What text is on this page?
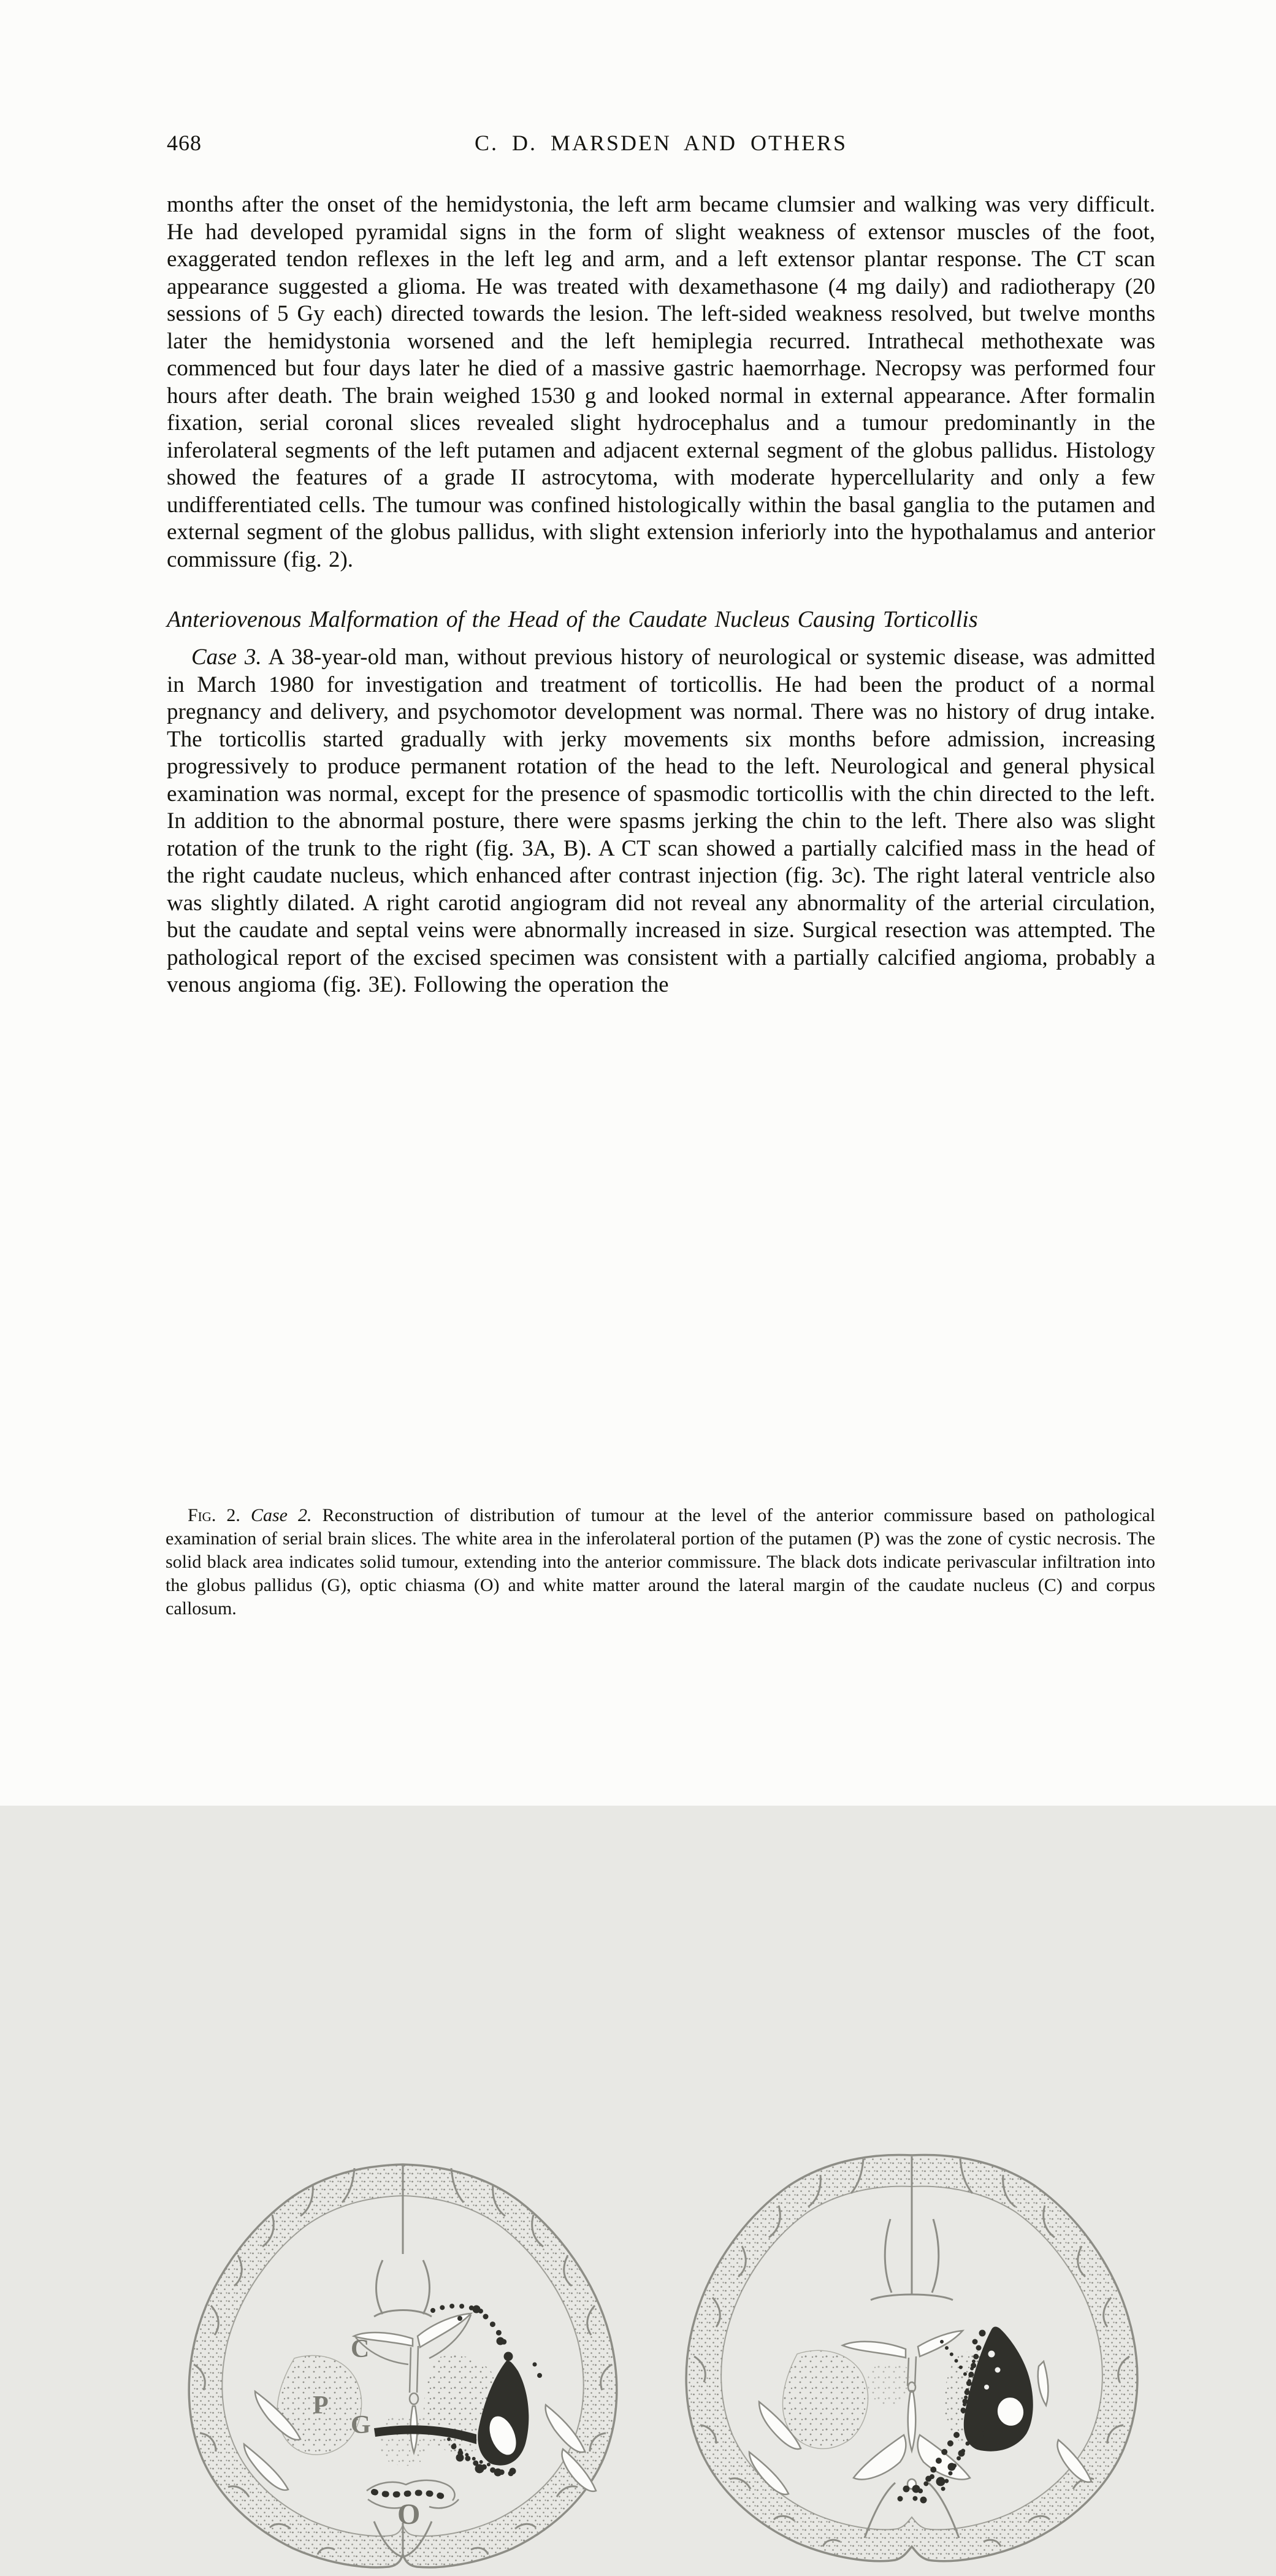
468	C. D. MARSDEN AND OTHERS

months after the onset of the hemidystonia, the left arm became clumsier and walking was very difficult. He had developed pyramidal signs in the form of slight weakness of extensor muscles of the foot, exaggerated tendon reflexes in the left leg and arm, and a left extensor plantar response. The CT scan appearance suggested a glioma. He was treated with dexamethasone (4 mg daily) and radiotherapy (20 sessions of 5 Gy each) directed towards the lesion. The left-sided weakness resolved, but twelve months later the hemidystonia worsened and the left hemiplegia recurred. Intrathecal methothexate was commenced but four days later he died of a massive gastric haemorrhage. Necropsy was performed four hours after death. The brain weighed 1530 g and looked normal in external appearance. After formalin fixation, serial coronal slices revealed slight hydrocephalus and a tumour predominantly in the inferolateral segments of the left putamen and adjacent external segment of the globus pallidus. Histology showed the features of a grade II astrocytoma, with moderate hypercellularity and only a few undifferentiated cells. The tumour was confined histologically within the basal ganglia to the putamen and external segment of the globus pallidus, with slight extension inferiorly into the hypothalamus and anterior commissure (fig. 2).

Anteriovenous Malformation of the Head of the Caudate Nucleus Causing Torticollis

Case 3. A 38-year-old man, without previous history of neurological or systemic disease, was admitted in March 1980 for investigation and treatment of torticollis. He had been the product of a normal pregnancy and delivery, and psychomotor development was normal. There was no history of drug intake. The torticollis started gradually with jerky movements six months before admission, increasing progressively to produce permanent rotation of the head to the left. Neurological and general physical examination was normal, except for the presence of spasmodic torticollis with the chin directed to the left. In addition to the abnormal posture, there were spasms jerking the chin to the left. There also was slight rotation of the trunk to the right (fig. 3A, B). A CT scan showed a partially calcified mass in the head of the right caudate nucleus, which enhanced after contrast injection (fig. 3c). The right lateral ventricle also was slightly dilated. A right carotid angiogram did not reveal any abnormality of the arterial circulation, but the caudate and septal veins were abnormally increased in size. Surgical resection was attempted. The pathological report of the excised specimen was consistent with a partially calcified angioma, probably a venous angioma (fig. 3E). Following the operation the

C
P
G
O

Fig. 2. Case 2. Reconstruction of distribution of tumour at the level of the anterior commissure based on pathological examination of serial brain slices. The white area in the inferolateral portion of the putamen (P) was the zone of cystic necrosis. The solid black area indicates solid tumour, extending into the anterior commissure. The black dots indicate perivascular infiltration into the globus pallidus (G), optic chiasma (O) and white matter around the lateral margin of the caudate nucleus (C) and corpus callosum.
